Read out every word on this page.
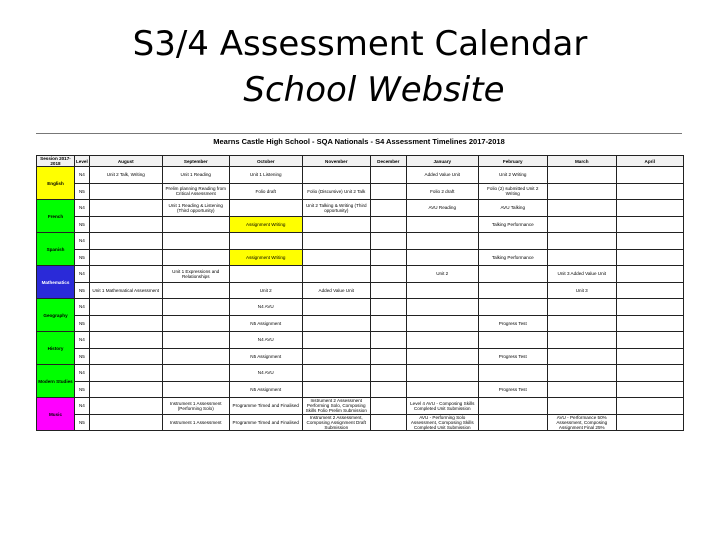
S3/4 Assessment Calendar
School Website
Mearns Castle High School - SQA Nationals - S4 Assessment Timelines 2017-2018
Session 2017-2018	Level	August	September	October	November	December	January	February	March	April
English	N4	Unit 2 Talk, Writing	Unit 1 Reading	Unit 1 Listening			Added Value Unit	Unit 2 Writing		
	N5		Prelim planning Reading from Critical Assessment	Folio draft	Folio (Discursive) Unit 2 Talk		Folio 2 draft	Folio (2) submitted Unit 2 Writing		
French	N4		Unit 1 Reading & Listening (Third opportunity)		Unit 2 Talking & Writing (Third opportunity)		AVU Reading	AVU Talking		
	N5			Assignment Writing				Talking Performance		
Spanish	N4									
	N5			Assignment Writing				Talking Performance		
Mathematics	N4		Unit 1 Expressions and Relationships				Unit 2		Unit 3 Added Value Unit	
	N5	Unit 1 Mathematical Assessment		Unit 2	Added Value Unit				Unit 3	
Geography	N4			N4 AVU						
	N5			N5 Assignment				Progress Test		
History	N4			N4 AVU						
	N5			N5 Assignment				Progress Test		
Modern Studies	N4			N4 AVU						
	N5			N5 Assignment				Progress Test		
Music	N4		Instrument 1 Assessment (Performing Solo)	Programme Timed and Finalised	Instrument 2 Assessment Performing Solo, Composing Skills Folio Prelim Submission		Level 4 AVU - Composing Skills Completed Unit Submission			
	N5		Instrument 1 Assessment	Programme Timed and Finalised	Instrument 2 Assessment, Composing Assignment Draft Submission		AVU - Performing Solo Assessment, Composing Skills Completed Unit Submission		AVU - Performance 50% Assessment, Composing Assignment Final 25%	
